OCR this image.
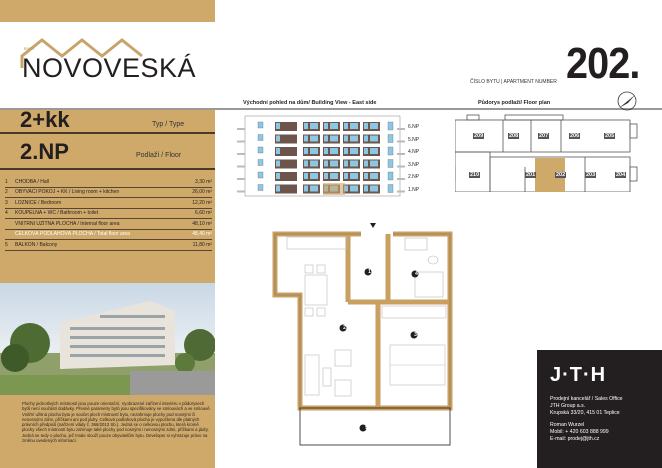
NOVOVESKÁ
BYTY
ČÍSLO BYTU | APARTMENT NUMBER 202.
2+kk	Typ / Type
2.NP	Podlaží / Floor
1	CHODBA / Hall	3,30 m²
2	OBÝVACÍ POKOJ + KK / Living room + kitchen	26,00 m²
3	LOŽNICE / Bedroom	12,20 m²
4	KOUPELNA + WC / Bathroom + toilet	6,60 m²
VNITŘNÍ UŽITNÁ PLOCHA / Internal floor area	48,10 m²
CELKOVÁ PODLAHOVÁ PLOCHA / Total floor area	48,40 m²
5	BALKÓN / Balcony	11,80 m²
Plochy jednotlivých místností jsou pouze orientační. Vyobrazené zařízení interiéru v půdorysech bytů není součástí dodávky. Přesné parametry bytů jsou specifikovány ve smlouvách a ve smlouvě. Vnitřní užitná plocha bytu je součet ploch místností bytu, nezahrnuje plochy pod nosnými či nenosnými zdmi, příčkami ani pod jádry. Celková podlahová plocha je vypočtena dle platných právních předpisů (nařízení vlády č. 366/2013 Sb.). Jedná se o celkovou plochu, která kromě plochy všech místností bytu zahrnuje také plochy pod nosnými i nenosnými zdmi, příčkami a jádry. Jedná se tedy o plochu, jež trvale slouží pouze obyvatelům bytu. Developer si vyhrazuje právo na změnu uvedených informací.
Východní pohled na dům/ Building View - East side
6.NP
5.NP
4.NP
3.NP
2.NP
1.NP
Půdorys podlaží/ Floor plan
209	208	207	206	205
210	201	202	203	204
1
2
3
4
5
J·T·H
Prodejní kancelář / Sales Office
JTH Group a.s.
Krupská 33/20, 415 01 Teplice
Roman Wurzel
Mobil: + 420 603 888 999
E-mail: prodej@jth.cz
